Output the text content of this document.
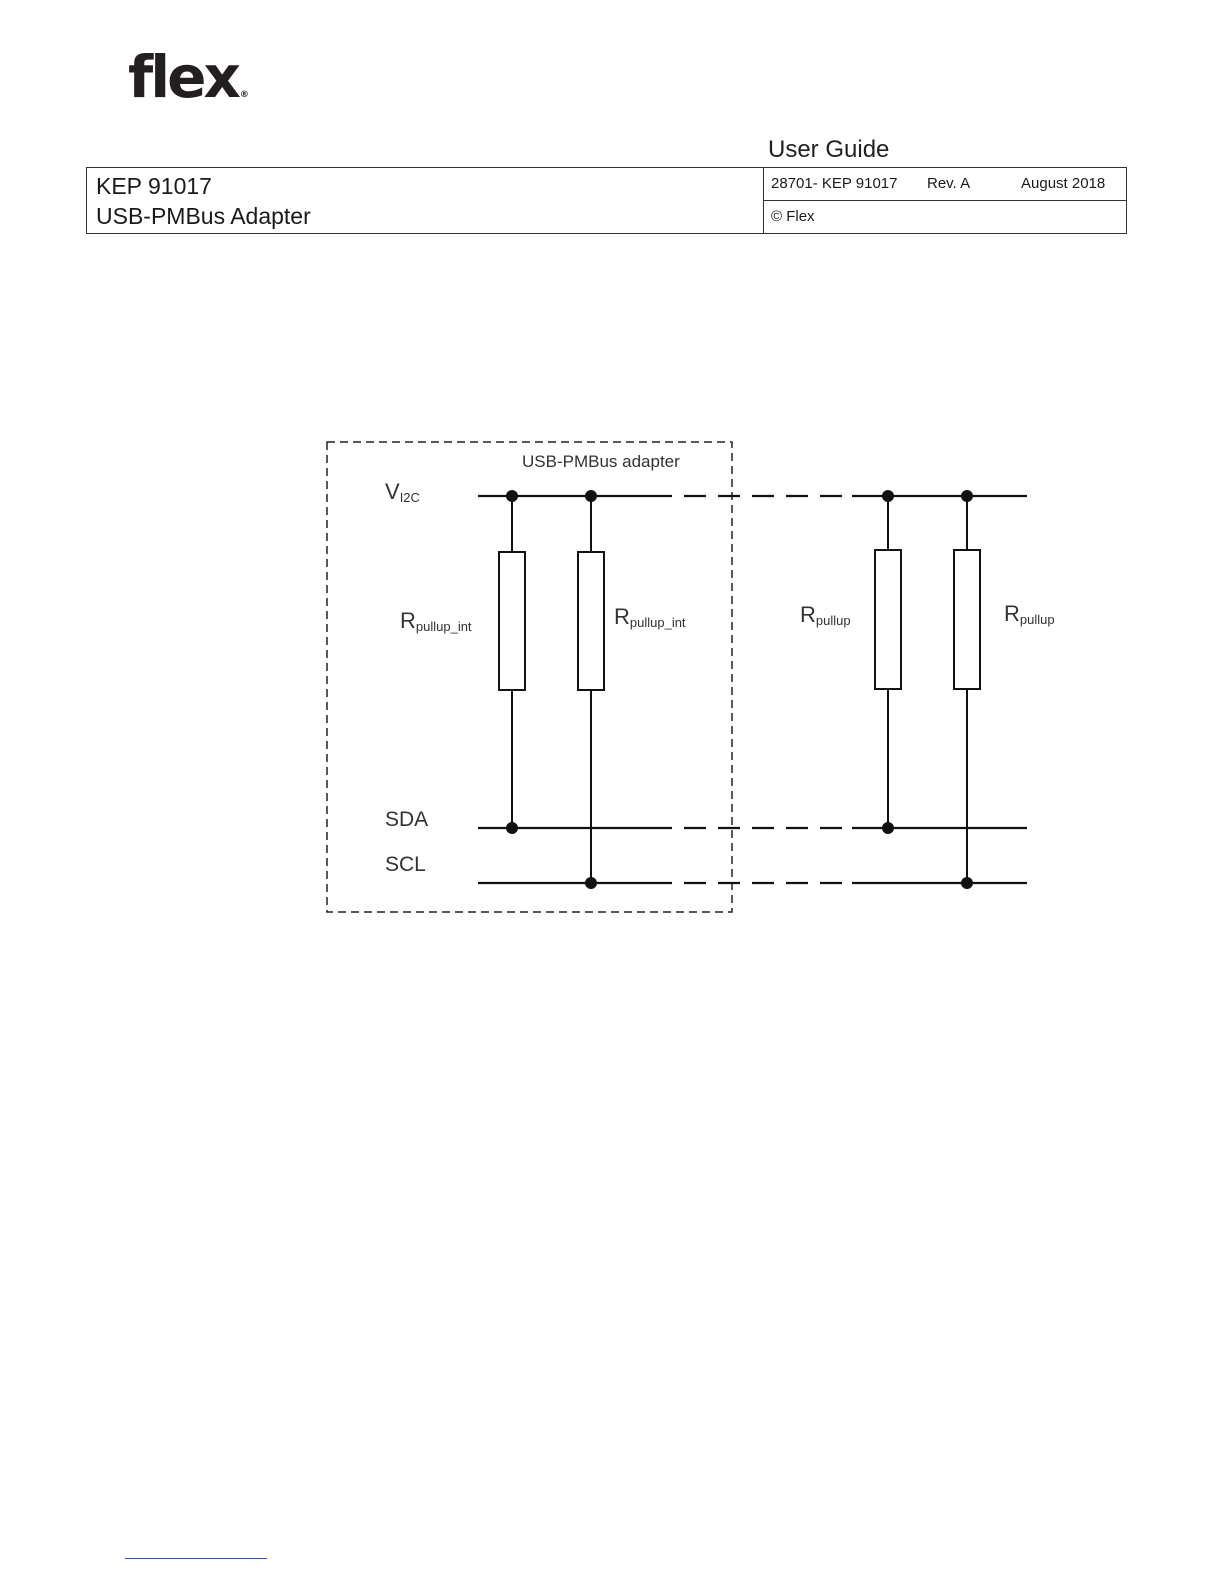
flex ®
User Guide
KEP 91017
USB-PMBus Adapter
28701- KEP 91017 Rev. A	August 2018
© Flex
USB-PMBus adapter
VI2C
Rpullup_int	Rpullup_int	Rpullup	Rpullup
SDA
SCL
